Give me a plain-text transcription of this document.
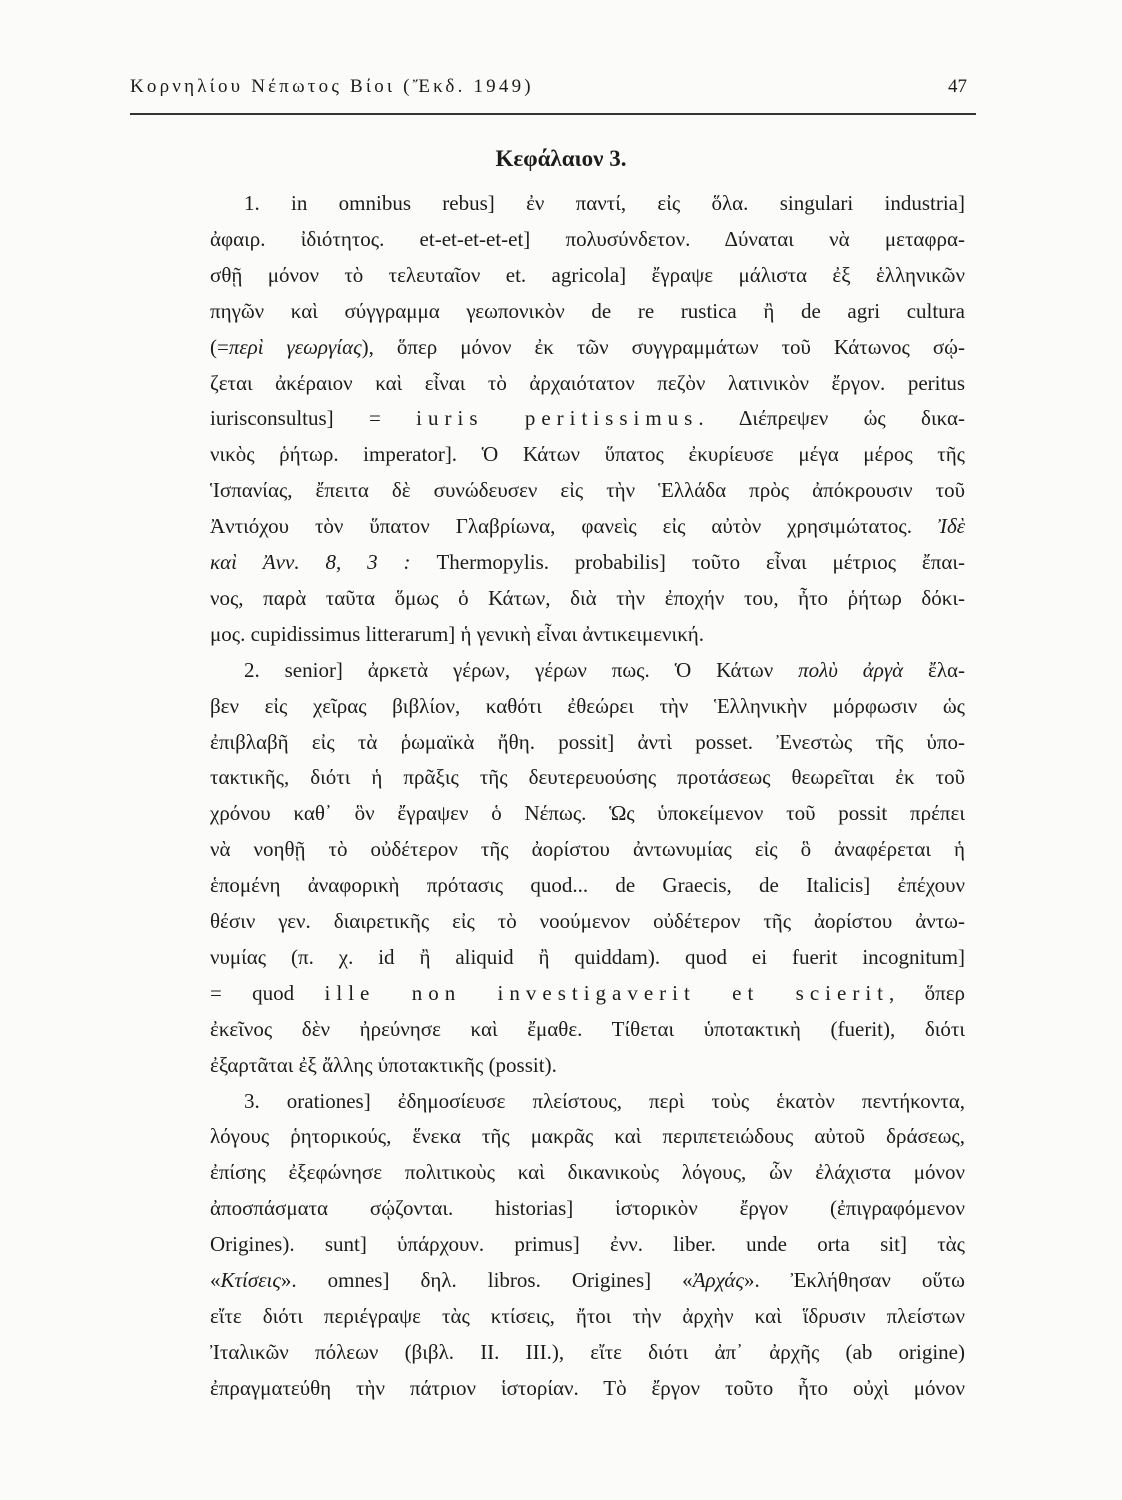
Κορνηλίου Νέπωτος Βίοι (Ἔκδ. 1949)	47
Κεφάλαιον 3.
1. in omnibus rebus] ἐν παντί, εἰς ὅλα. singulari industria]
ἀφαιρ. ἰδιότητος. et-et-et-et-et] πολυσύνδετον. Δύναται νὰ μεταφρα-
σθῇ μόνον τὸ τελευταῖον et. agricola] ἔγραψε μάλιστα ἐξ ἑλληνικῶν
πηγῶν καὶ σύγγραμμα γεωπονικὸν de re rustica ἢ de agri cultura
(=περὶ γεωργίας), ὅπερ μόνον ἐκ τῶν συγγραμμάτων τοῦ Κάτωνος σῴ-
ζεται ἀκέραιον καὶ εἶναι τὸ ἀρχαιότατον πεζὸν λατινικὸν ἔργον. peritus
iurisconsultus] = iuris peritissimus. Διέπρεψεν ὡς δικα-
νικὸς ῥήτωρ. imperator]. Ὁ Κάτων ὕπατος ἐκυρίευσε μέγα μέρος τῆς
Ἱσπανίας, ἔπειτα δὲ συνώδευσεν εἰς τὴν Ἑλλάδα πρὸς ἀπόκρουσιν τοῦ
Ἀντιόχου τὸν ὕπατον Γλαβρίωνα, φανεὶς εἰς αὐτὸν χρησιμώτατος. Ἰδὲ
καὶ Ἀνν. 8, 3 : Thermopylis. probabilis] τοῦτο εἶναι μέτριος ἔπαι-
νος, παρὰ ταῦτα ὅμως ὁ Κάτων, διὰ τὴν ἐποχήν του, ἦτο ῥήτωρ δόκι-
μος. cupidissimus litterarum] ἡ γενικὴ εἶναι ἀντικειμενική.
2. senior] ἀρκετὰ γέρων, γέρων πως. Ὁ Κάτων πολὺ ἀργὰ ἔλα-
βεν εἰς χεῖρας βιβλίον, καθότι ἐθεώρει τὴν Ἑλληνικὴν μόρφωσιν ὡς
ἐπιβλαβῆ εἰς τὰ ῥωμαϊκὰ ἤθη. possit] ἀντὶ posset. Ἐνεστὼς τῆς ὑπο-
τακτικῆς, διότι ἡ πρᾶξις τῆς δευτερευούσης προτάσεως θεωρεῖται ἐκ τοῦ
χρόνου καθ᾽ ὃν ἔγραψεν ὁ Νέπως. Ὡς ὑποκείμενον τοῦ possit πρέπει
νὰ νοηθῇ τὸ οὐδέτερον τῆς ἀορίστου ἀντωνυμίας εἰς ὃ ἀναφέρεται ἡ
ἑπομένη ἀναφορικὴ πρότασις quod... de Graecis, de Italicis] ἐπέχουν
θέσιν γεν. διαιρετικῆς εἰς τὸ νοούμενον οὐδέτερον τῆς ἀορίστου ἀντω-
νυμίας (π. χ. id ἢ aliquid ἢ quiddam). quod ei fuerit incognitum]
= quod ille non investigaverit et scierit, ὅπερ
ἐκεῖνος δὲν ἠρεύνησε καὶ ἔμαθε. Τίθεται ὑποτακτικὴ (fuerit), διότι
ἐξαρτᾶται ἐξ ἄλλης ὑποτακτικῆς (possit).
3. orationes] ἐδημοσίευσε πλείστους, περὶ τοὺς ἑκατὸν πεντήκοντα,
λόγους ῥητορικούς, ἕνεκα τῆς μακρᾶς καὶ περιπετειώδους αὐτοῦ δράσεως,
ἐπίσης ἐξεφώνησε πολιτικοὺς καὶ δικανικοὺς λόγους, ὧν ἐλάχιστα μόνον
ἀποσπάσματα σῴζονται. historias] ἱστορικὸν ἔργον (ἐπιγραφόμενον
Origines). sunt] ὑπάρχουν. primus] ἐνν. liber. unde orta sit] τὰς
«Κτίσεις». omnes] δηλ. libros. Origines] «Ἀρχάς». Ἐκλήθησαν οὕτω
εἴτε διότι περιέγραψε τὰς κτίσεις, ἤτοι τὴν ἀρχὴν καὶ ἵδρυσιν πλείστων
Ἰταλικῶν πόλεων (βιβλ. II. III.), εἴτε διότι ἀπ᾽ ἀρχῆς (ab origine)
ἐπραγματεύθη τὴν πάτριον ἱστορίαν. Τὸ ἔργον τοῦτο ἦτο οὐχὶ μόνον
